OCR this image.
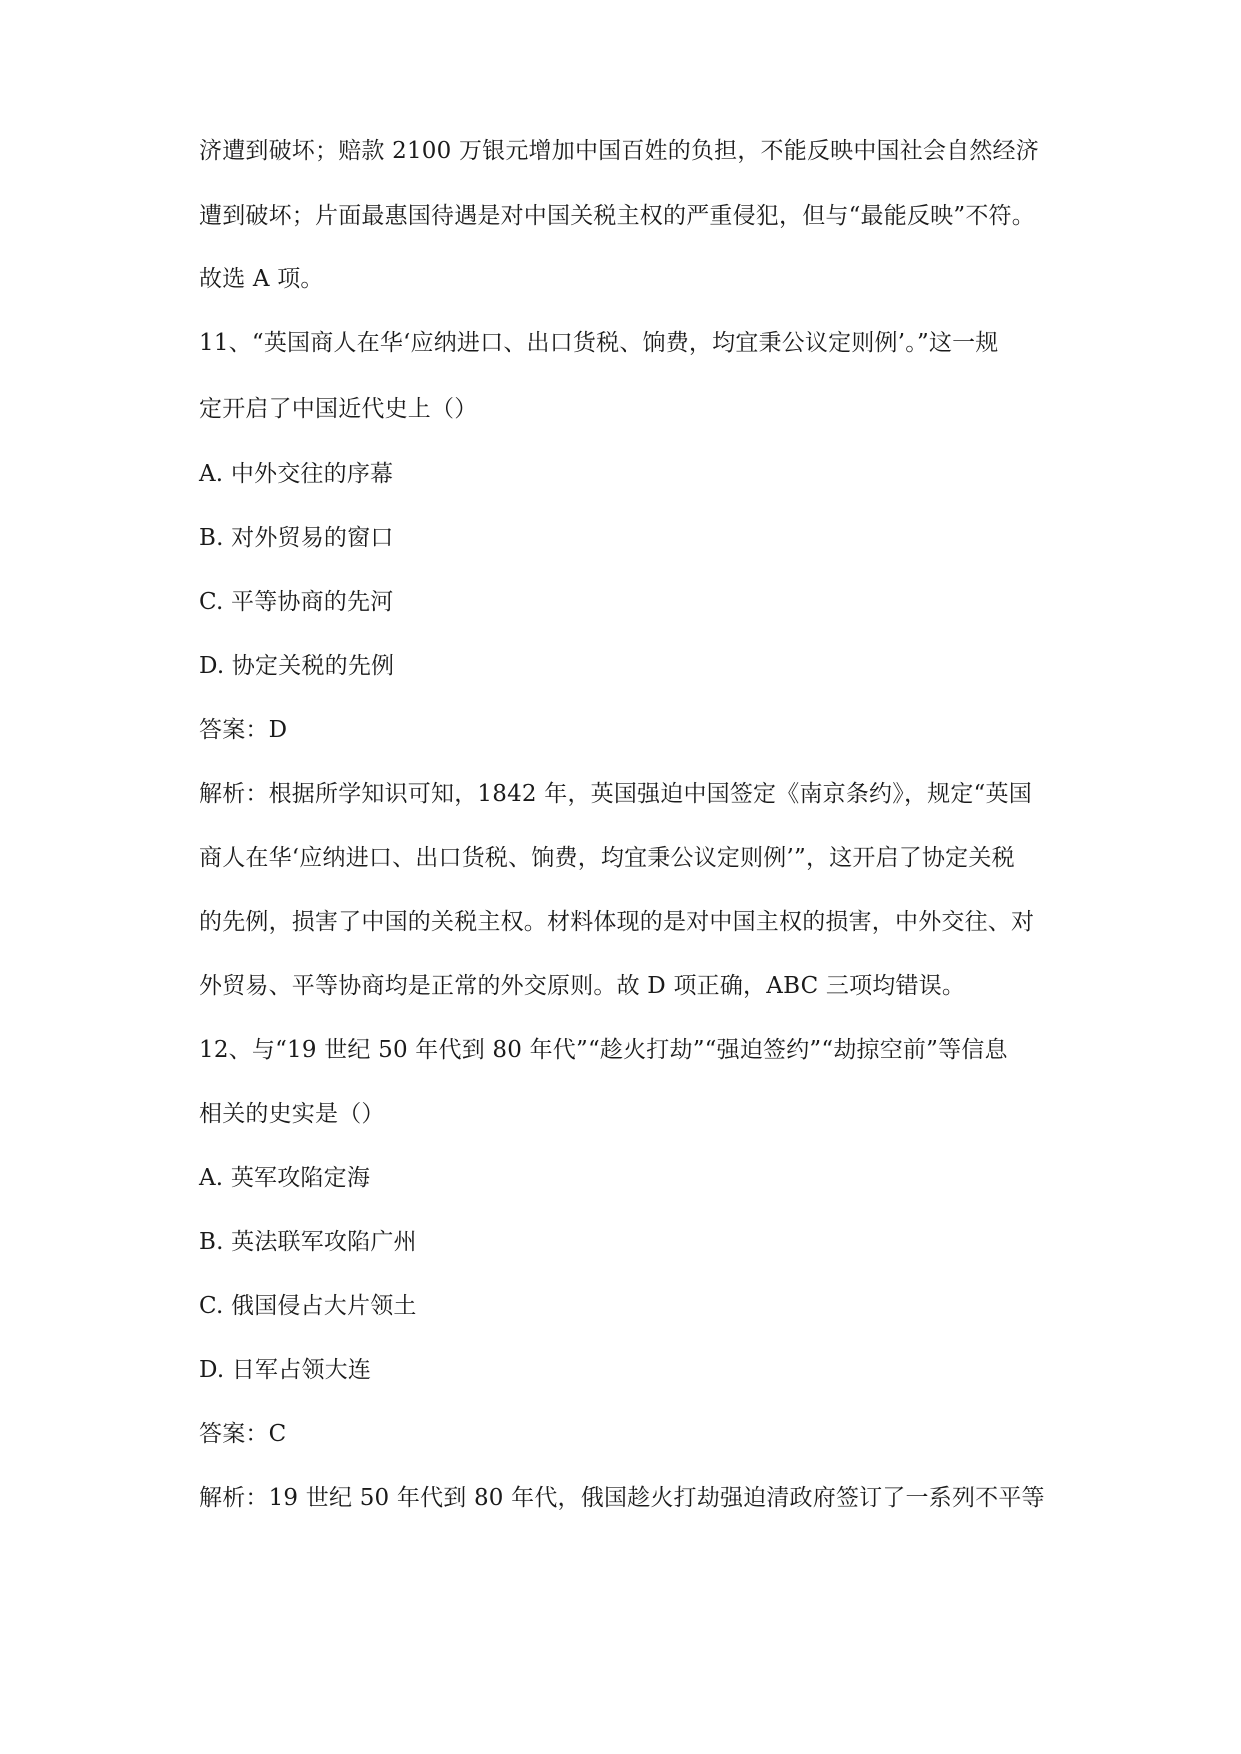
济遭到破坏；赔款 2100 万银元增加中国百姓的负担，不能反映中国社会自然经济
遭到破坏；片面最惠国待遇是对中国关税主权的严重侵犯，但与“最能反映”不符。
故选 A 项。
11、“英国商人在华‘应纳进口、出口货税、饷费，均宜秉公议定则例’。”这一规
定开启了中国近代史上（）
A. 中外交往的序幕
B. 对外贸易的窗口
C. 平等协商的先河
D. 协定关税的先例
答案：D
解析：根据所学知识可知，1842 年，英国强迫中国签定《南京条约》，规定“英国
商人在华‘应纳进口、出口货税、饷费，均宜秉公议定则例’”，这开启了协定关税
的先例，损害了中国的关税主权。材料体现的是对中国主权的损害，中外交往、对
外贸易、平等协商均是正常的外交原则。故 D 项正确，ABC 三项均错误。
12、与“19 世纪 50 年代到 80 年代”“趁火打劫”“强迫签约”“劫掠空前”等信息
相关的史实是（）
A. 英军攻陷定海
B. 英法联军攻陷广州
C. 俄国侵占大片领土
D. 日军占领大连
答案：C
解析：19 世纪 50 年代到 80 年代，俄国趁火打劫强迫清政府签订了一系列不平等
